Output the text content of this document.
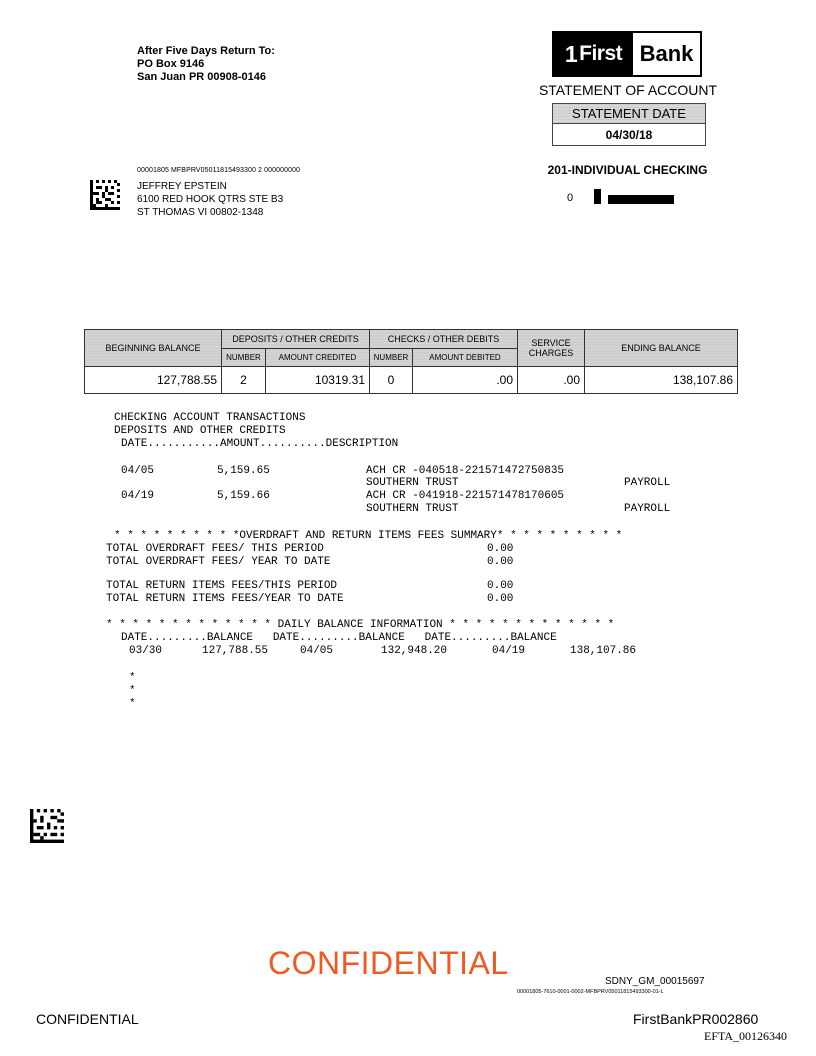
After Five Days Return To:
PO Box 9146
San Juan PR 00908-0146
1 First Bank
STATEMENT OF ACCOUNT
STATEMENT DATE
04/30/18
201-INDIVIDUAL CHECKING
0
00001805 MFBPRV05011815493300 2 000000000
JEFFREY EPSTEIN
6100 RED HOOK QTRS STE B3
ST THOMAS VI 00802-1348
BEGINNING BALANCE	DEPOSITS / OTHER CREDITS		CHECKS / OTHER DEBITS		SERVICE CHARGES	ENDING BALANCE
	NUMBER	AMOUNT CREDITED	NUMBER	AMOUNT DEBITED		
127,788.55	2	10319.31	0	.00	.00	138,107.86
CHECKING ACCOUNT TRANSACTIONS
DEPOSITS AND OTHER CREDITS
DATE...........AMOUNT..........DESCRIPTION
04/05	5,159.65	ACH CR -040518-221571472750835
SOUTHERN TRUST	PAYROLL
04/19	5,159.66	ACH CR -041918-221571478170605
SOUTHERN TRUST	PAYROLL
* * * * * * * * * *OVERDRAFT AND RETURN ITEMS FEES SUMMARY* * * * * * * * * *
TOTAL OVERDRAFT FEES/ THIS PERIOD	0.00
TOTAL OVERDRAFT FEES/ YEAR TO DATE	0.00
TOTAL RETURN ITEMS FEES/THIS PERIOD	0.00
TOTAL RETURN ITEMS FEES/YEAR TO DATE	0.00
* * * * * * * * * * * * * DAILY BALANCE INFORMATION * * * * * * * * * * * * *
DATE.........BALANCE   DATE.........BALANCE   DATE.........BALANCE
03/30	127,788.55	04/05	132,948.20	04/19	138,107.86
*
*
*
CONFIDENTIAL
SDNY_GM_00015697
00001805-7610-0001-0002-MFBPRV05011815493300-01-L
CONFIDENTIAL	FirstBankPR002860
EFTA_00126340
